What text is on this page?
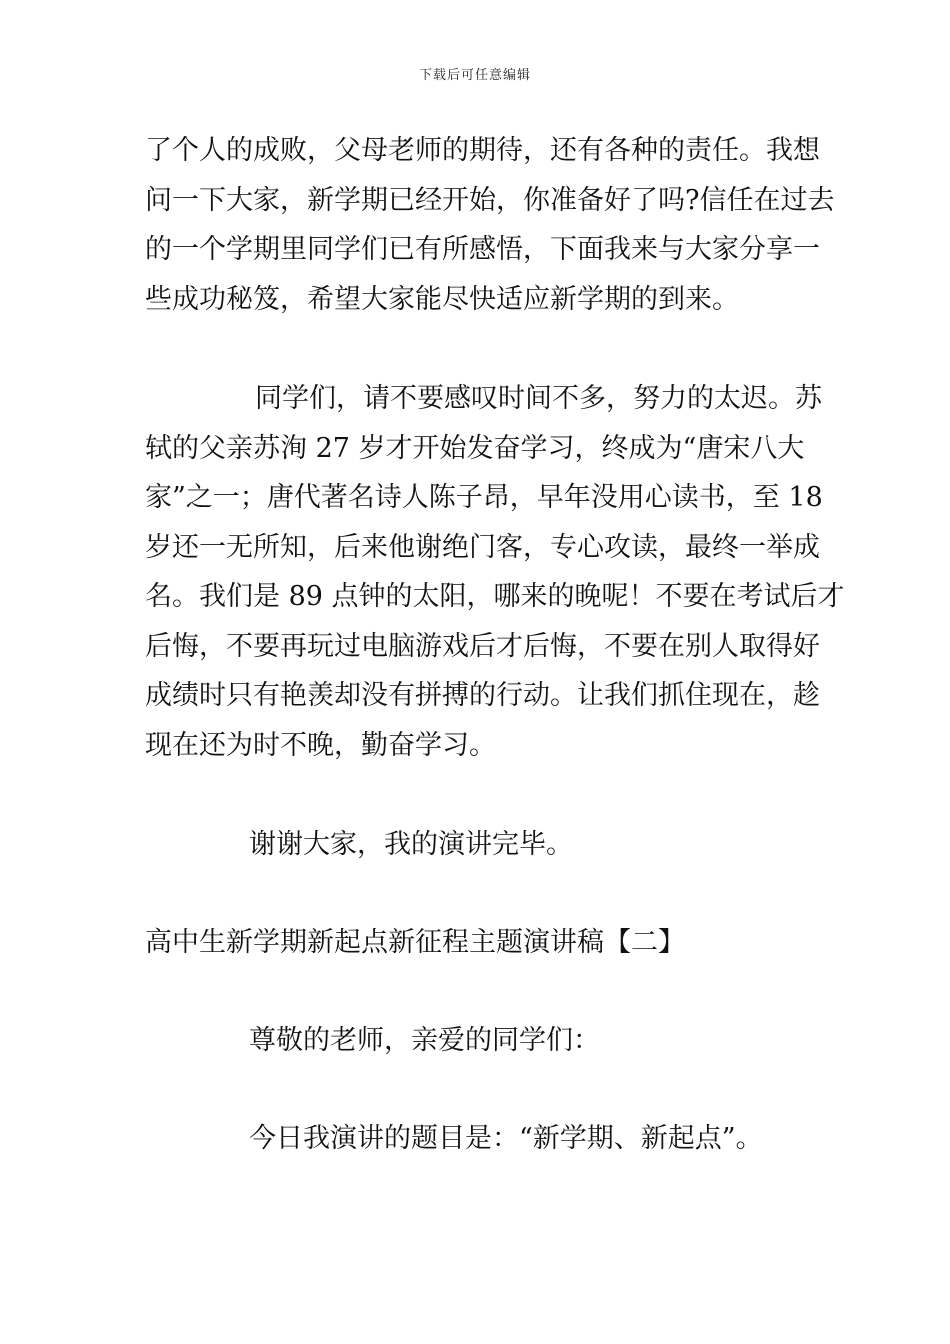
下载后可任意编辑
了个人的成败，父母老师的期待，还有各种的责任。我想
问一下大家，新学期已经开始，你准备好了吗?信任在过去
的一个学期里同学们已有所感悟，下面我来与大家分享一
些成功秘笈，希望大家能尽快适应新学期的到来。
同学们，请不要感叹时间不多，努力的太迟。苏
轼的父亲苏洵 27 岁才开始发奋学习，终成为“唐宋八大
家”之一；唐代著名诗人陈子昂，早年没用心读书，至 18
岁还一无所知，后来他谢绝门客，专心攻读，最终一举成
名。我们是 89 点钟的太阳，哪来的晚呢！不要在考试后才
后悔，不要再玩过电脑游戏后才后悔，不要在别人取得好
成绩时只有艳羡却没有拼搏的行动。让我们抓住现在，趁
现在还为时不晚，勤奋学习。
谢谢大家，我的演讲完毕。
高中生新学期新起点新征程主题演讲稿【二】
尊敬的老师，亲爱的同学们：
今日我演讲的题目是：“新学期、新起点”。
